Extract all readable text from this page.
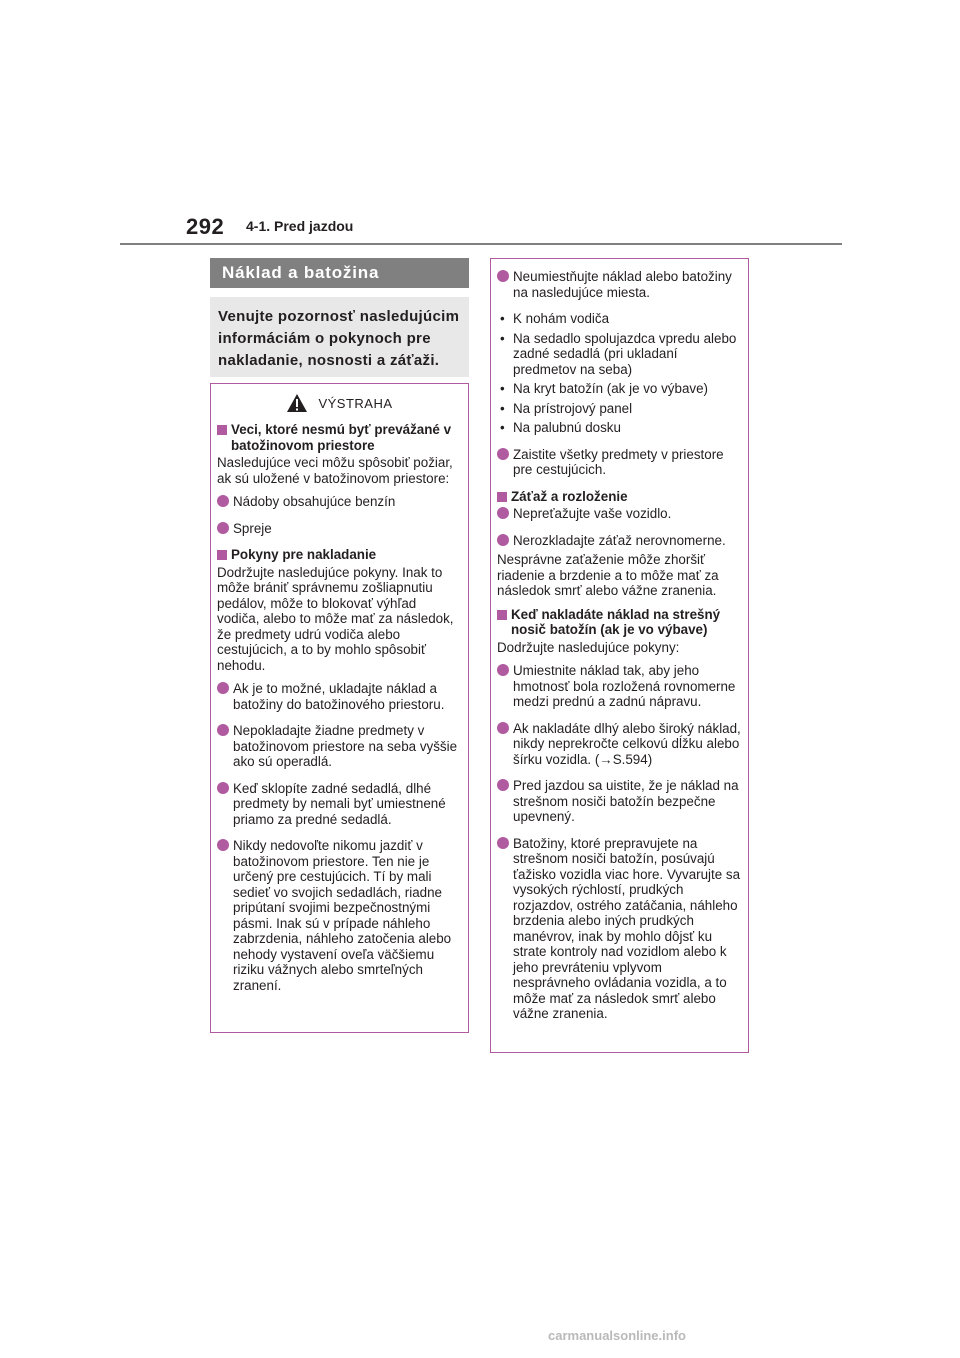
292 4-1. Pred jazdou
Náklad a batožina
Venujte pozornosť nasledujúcim informáciám o pokynoch pre nakladanie, nosnosti a záťaži.
VÝSTRAHA
Veci, ktoré nesmú byť prevážané v batožinovom priestore

Nasledujúce veci môžu spôsobiť požiar, ak sú uložené v batožinovom priestore:

Nádoby obsahujúce benzín
Spreje
Pokyny pre nakladanie

Dodržujte nasledujúce pokyny. Inak to môže brániť správnemu zošliapnutiu pedálov, môže to blokovať výhľad vodiča, alebo to môže mať za následok, že predmety udrú vodiča alebo cestujúcich, a to by mohlo spôsobiť nehodu.

Ak je to možné, ukladajte náklad a batožiny do batožinového priestoru.
Nepokladajte žiadne predmety v batožinovom priestore na seba vyššie ako sú operadlá.
Keď sklopíte zadné sedadlá, dlhé predmety by nemali byť umiestnené priamo za predné sedadlá.
Nikdy nedovoľte nikomu jazdiť v batožinovom priestore. Ten nie je určený pre cestujúcich. Tí by mali sedieť vo svojich sedadlách, riadne pripútaní svojimi bezpečnostnými pásmi. Inak sú v prípade náhleho zabrzdenia, náhleho zatočenia alebo nehody vystavení oveľa väčšiemu riziku vážnych alebo smrteľných zranení.
Neumiestňujte náklad alebo batožiny na nasledujúce miesta.
• K nohám vodiča
• Na sedadlo spolujazdca vpredu alebo zadné sedadlá (pri ukladaní predmetov na seba)
• Na kryt batožín (ak je vo výbave)
• Na prístrojový panel
• Na palubnú dosku
Zaistite všetky predmety v priestore pre cestujúcich.
Záťaž a rozloženie
Nepreťažujte vaše vozidlo.
Nerozkladajte záťaž nerovnomerne.

Nesprávne zaťaženie môže zhoršiť riadenie a brzdenie a to môže mať za následok smrť alebo vážne zranenia.

Keď nakladáte náklad na strešný nosič batožín (ak je vo výbave)

Dodržujte nasledujúce pokyny:

Umiestnite náklad tak, aby jeho hmotnosť bola rozložená rovnomerne medzi prednú a zadnú nápravu.
Ak nakladáte dlhý alebo široký náklad, nikdy neprekročte celkovú dĺžku alebo šírku vozidla. (→S.594)
Pred jazdou sa uistite, že je náklad na strešnom nosiči batožín bezpečne upevnený.
Batožiny, ktoré prepravujete na strešnom nosiči batožín, posúvajú ťažisko vozidla viac hore. Vyvarujte sa vysokých rýchlostí, prudkých rozjazdov, ostrého zatáčania, náhleho brzdenia alebo iných prudkých manévrov, inak by mohlo dôjsť ku strate kontroly nad vozidlom alebo k jeho prevráteniu vplyvom nesprávneho ovládania vozidla, a to môže mať za následok smrť alebo vážne zranenia.
carmanualsonline.info
